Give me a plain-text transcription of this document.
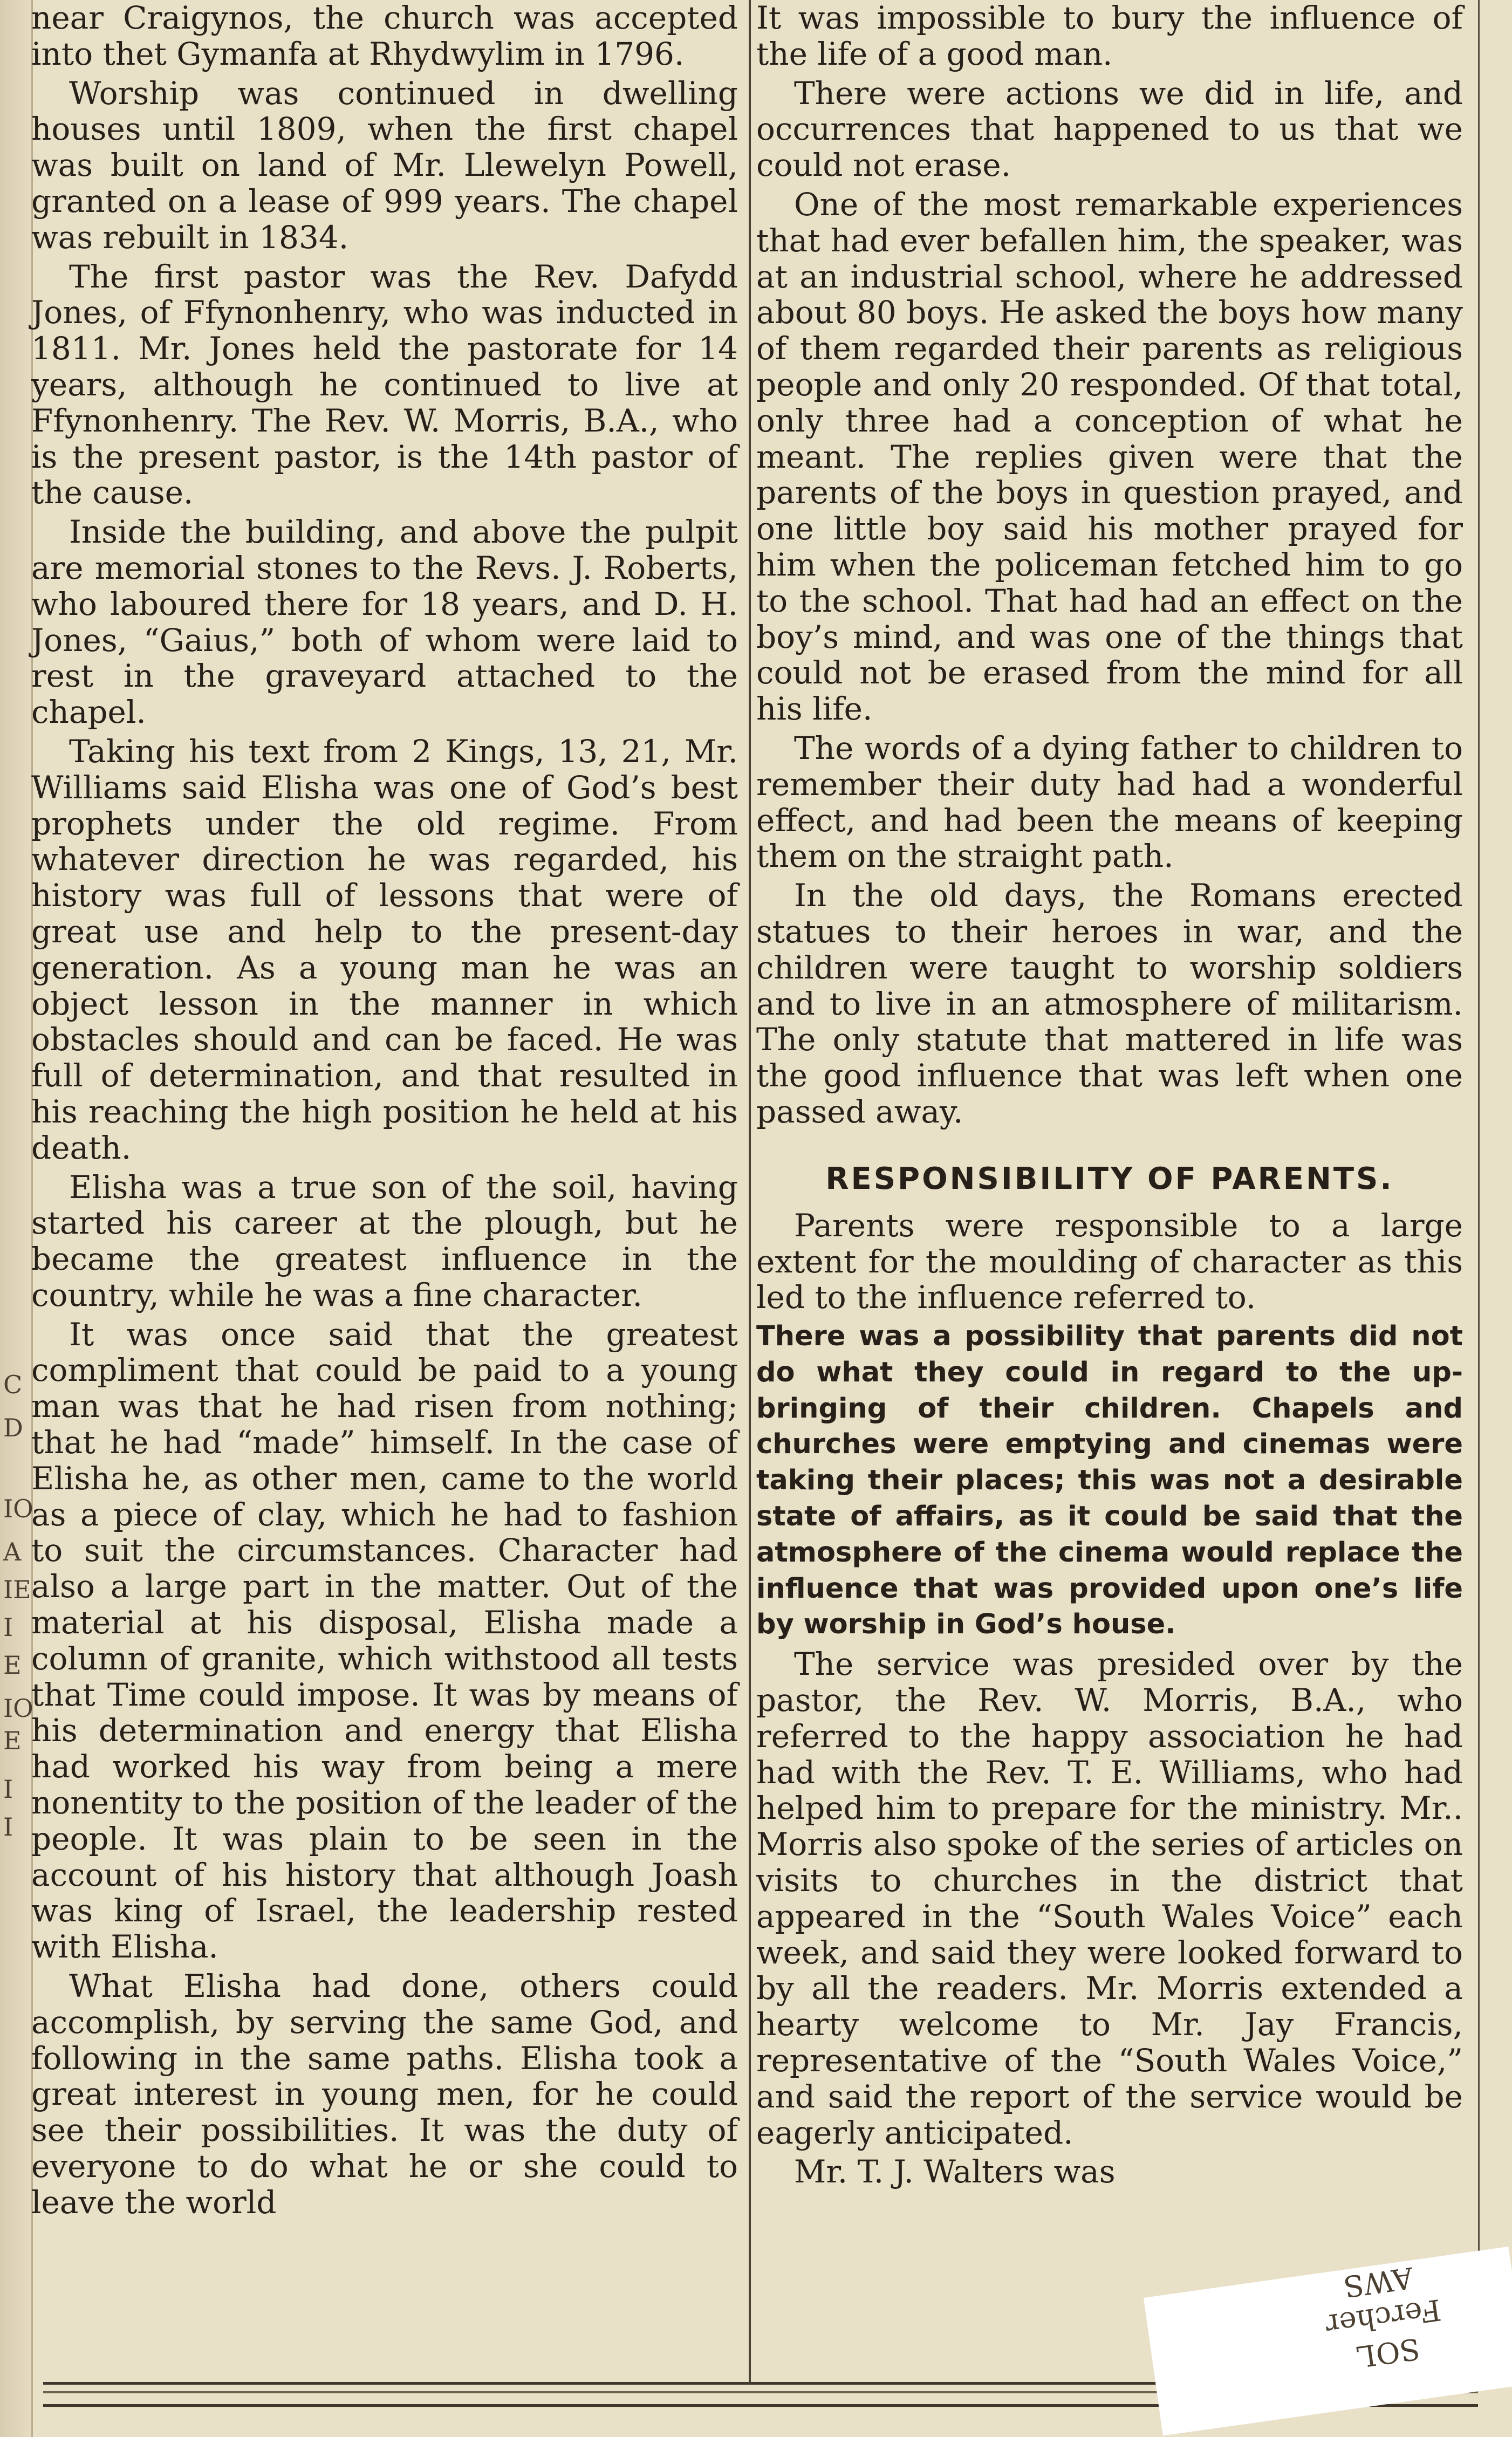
C
D
IO
A
IE
I
E
IO
E
I
I

near Craigynos, the church was accepted into thet Gymanfa at Rhydwylim in 1796.

Worship was continued in dwelling houses until 1809, when the first chapel was built on land of Mr. Llewelyn Powell, granted on a lease of 999 years. The chapel was rebuilt in 1834.

The first pastor was the Rev. Dafydd Jones, of Ffynonhenry, who was inducted in 1811. Mr. Jones held the pastorate for 14 years, although he continued to live at Ffynonhenry. The Rev. W. Morris, B.A., who is the present pastor, is the 14th pastor of the cause.

Inside the building, and above the pulpit are memorial stones to the Revs. J. Roberts, who laboured there for 18 years, and D. H. Jones, “Gaius,” both of whom were laid to rest in the graveyard attached to the chapel.

Taking his text from 2 Kings, 13, 21, Mr. Williams said Elisha was one of God’s best prophets under the old regime. From whatever direction he was regarded, his history was full of lessons that were of great use and help to the present-day generation. As a young man he was an object lesson in the manner in which obstacles should and can be faced. He was full of determination, and that resulted in his reaching the high position he held at his death.

Elisha was a true son of the soil, having started his career at the plough, but he became the greatest influence in the country, while he was a fine character.

It was once said that the greatest compliment that could be paid to a young man was that he had risen from nothing; that he had “made” himself. In the case of Elisha he, as other men, came to the world as a piece of clay, which he had to fashion to suit the circumstances. Character had also a large part in the matter. Out of the material at his disposal, Elisha made a column of granite, which withstood all tests that Time could impose. It was by means of his determination and energy that Elisha had worked his way from being a mere nonentity to the position of the leader of the people. It was plain to be seen in the account of his history that although Joash was king of Israel, the leadership rested with Elisha.

What Elisha had done, others could accomplish, by serving the same God, and following in the same paths. Elisha took a great interest in young men, for he could see their possibilities. It was the duty of everyone to do what he or she could to leave the world

It was impossible to bury the influence of the life of a good man.

There were actions we did in life, and occurrences that happened to us that we could not erase.

One of the most remarkable experiences that had ever befallen him, the speaker, was at an industrial school, where he addressed about 80 boys. He asked the boys how many of them regarded their parents as religious people and only 20 responded. Of that total, only three had a conception of what he meant. The replies given were that the parents of the boys in question prayed, and one little boy said his mother prayed for him when the policeman fetched him to go to the school. That had had an effect on the boy’s mind, and was one of the things that could not be erased from the mind for all his life.

The words of a dying father to children to remember their duty had had a wonderful effect, and had been the means of keeping them on the straight path.

In the old days, the Romans erected statues to their heroes in war, and the children were taught to worship soldiers and to live in an atmosphere of militarism. The only statute that mattered in life was the good influence that was left when one passed away.

RESPONSIBILITY OF PARENTS.

Parents were responsible to a large extent for the moulding of character as this led to the influence referred to.

There was a possibility that parents did not do what they could in regard to the up-bringing of their children. Chapels and churches were emptying and cinemas were taking their places; this was not a desirable state of affairs, as it could be said that the atmosphere of the cinema would replace the influence that was provided upon one’s life by worship in God’s house.

The service was presided over by the pastor, the Rev. W. Morris, B.A., who referred to the happy association he had had with the Rev. T. E. Williams, who had helped him to prepare for the ministry. Mr.. Morris also spoke of the series of articles on visits to churches in the district that appeared in the “South Wales Voice” each week, and said they were looked forward to by all the readers. Mr. Morris extended a hearty welcome to Mr. Jay Francis, representative of the “South Wales Voice,” and said the report of the service would be eagerly anticipated.

Mr. T. J. Walters was

SOL
Fercher
AWS
